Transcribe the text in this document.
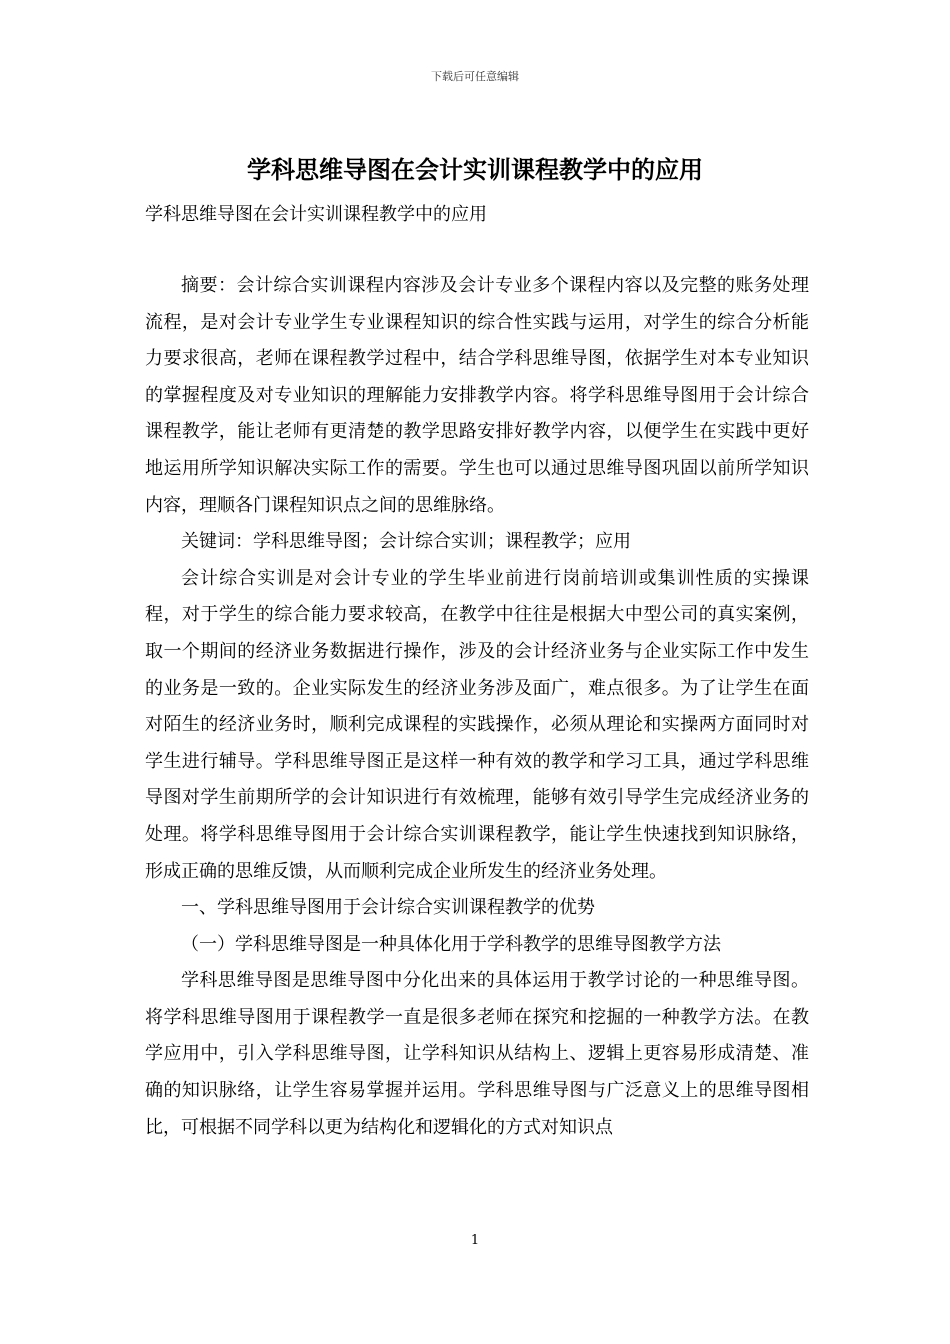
下载后可任意编辑
学科思维导图在会计实训课程教学中的应用
学科思维导图在会计实训课程教学中的应用

摘要：会计综合实训课程内容涉及会计专业多个课程内容以及完整的账务处理流程，是对会计专业学生专业课程知识的综合性实践与运用，对学生的综合分析能力要求很高，老师在课程教学过程中，结合学科思维导图，依据学生对本专业知识的掌握程度及对专业知识的理解能力安排教学内容。将学科思维导图用于会计综合课程教学，能让老师有更清楚的教学思路安排好教学内容，以便学生在实践中更好地运用所学知识解决实际工作的需要。学生也可以通过思维导图巩固以前所学知识内容，理顺各门课程知识点之间的思维脉络。

关键词：学科思维导图；会计综合实训；课程教学；应用

会计综合实训是对会计专业的学生毕业前进行岗前培训或集训性质的实操课程，对于学生的综合能力要求较高，在教学中往往是根据大中型公司的真实案例，取一个期间的经济业务数据进行操作，涉及的会计经济业务与企业实际工作中发生的业务是一致的。企业实际发生的经济业务涉及面广，难点很多。为了让学生在面对陌生的经济业务时，顺利完成课程的实践操作，必须从理论和实操两方面同时对学生进行辅导。学科思维导图正是这样一种有效的教学和学习工具，通过学科思维导图对学生前期所学的会计知识进行有效梳理，能够有效引导学生完成经济业务的处理。将学科思维导图用于会计综合实训课程教学，能让学生快速找到知识脉络，形成正确的思维反馈，从而顺利完成企业所发生的经济业务处理。

一、学科思维导图用于会计综合实训课程教学的优势

（一）学科思维导图是一种具体化用于学科教学的思维导图教学方法

学科思维导图是思维导图中分化出来的具体运用于教学讨论的一种思维导图。将学科思维导图用于课程教学一直是很多老师在探究和挖掘的一种教学方法。在教学应用中，引入学科思维导图，让学科知识从结构上、逻辑上更容易形成清楚、准确的知识脉络，让学生容易掌握并运用。学科思维导图与广泛意义上的思维导图相比，可根据不同学科以更为结构化和逻辑化的方式对知识点

1
